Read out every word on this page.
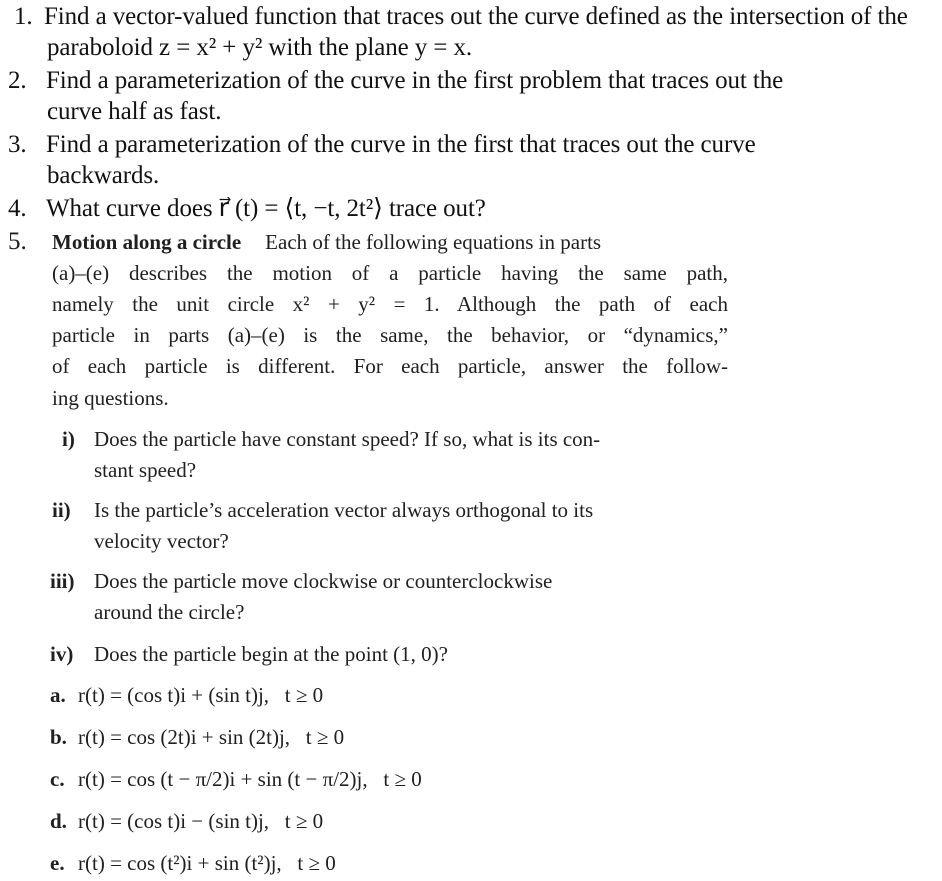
1. Find a vector-valued function that traces out the curve defined as the intersection of the
paraboloid z = x² + y² with the plane y = x.
2. Find a parameterization of the curve in the first problem that traces out the
curve half as fast.
3. Find a parameterization of the curve in the first that traces out the curve
backwards.
4. What curve does r⃗ (t) = ⟨t, −t, 2t²⟩ trace out?
5. Motion along a circle Each of the following equations in parts
(a)–(e) describes the motion of a particle having the same path,
namely the unit circle x² + y² = 1. Although the path of each
particle in parts (a)–(e) is the same, the behavior, or “dynamics,”
of each particle is different. For each particle, answer the follow-
ing questions.
i) Does the particle have constant speed? If so, what is its con-
stant speed?
ii) Is the particle’s acceleration vector always orthogonal to its
velocity vector?
iii) Does the particle move clockwise or counterclockwise
around the circle?
iv) Does the particle begin at the point (1, 0)?
a. r(t) = (cos t)i + (sin t)j,   t ≥ 0
b. r(t) = cos (2t)i + sin (2t)j,   t ≥ 0
c. r(t) = cos (t − π/2)i + sin (t − π/2)j,   t ≥ 0
d. r(t) = (cos t)i − (sin t)j,   t ≥ 0
e. r(t) = cos (t²)i + sin (t²)j,   t ≥ 0
